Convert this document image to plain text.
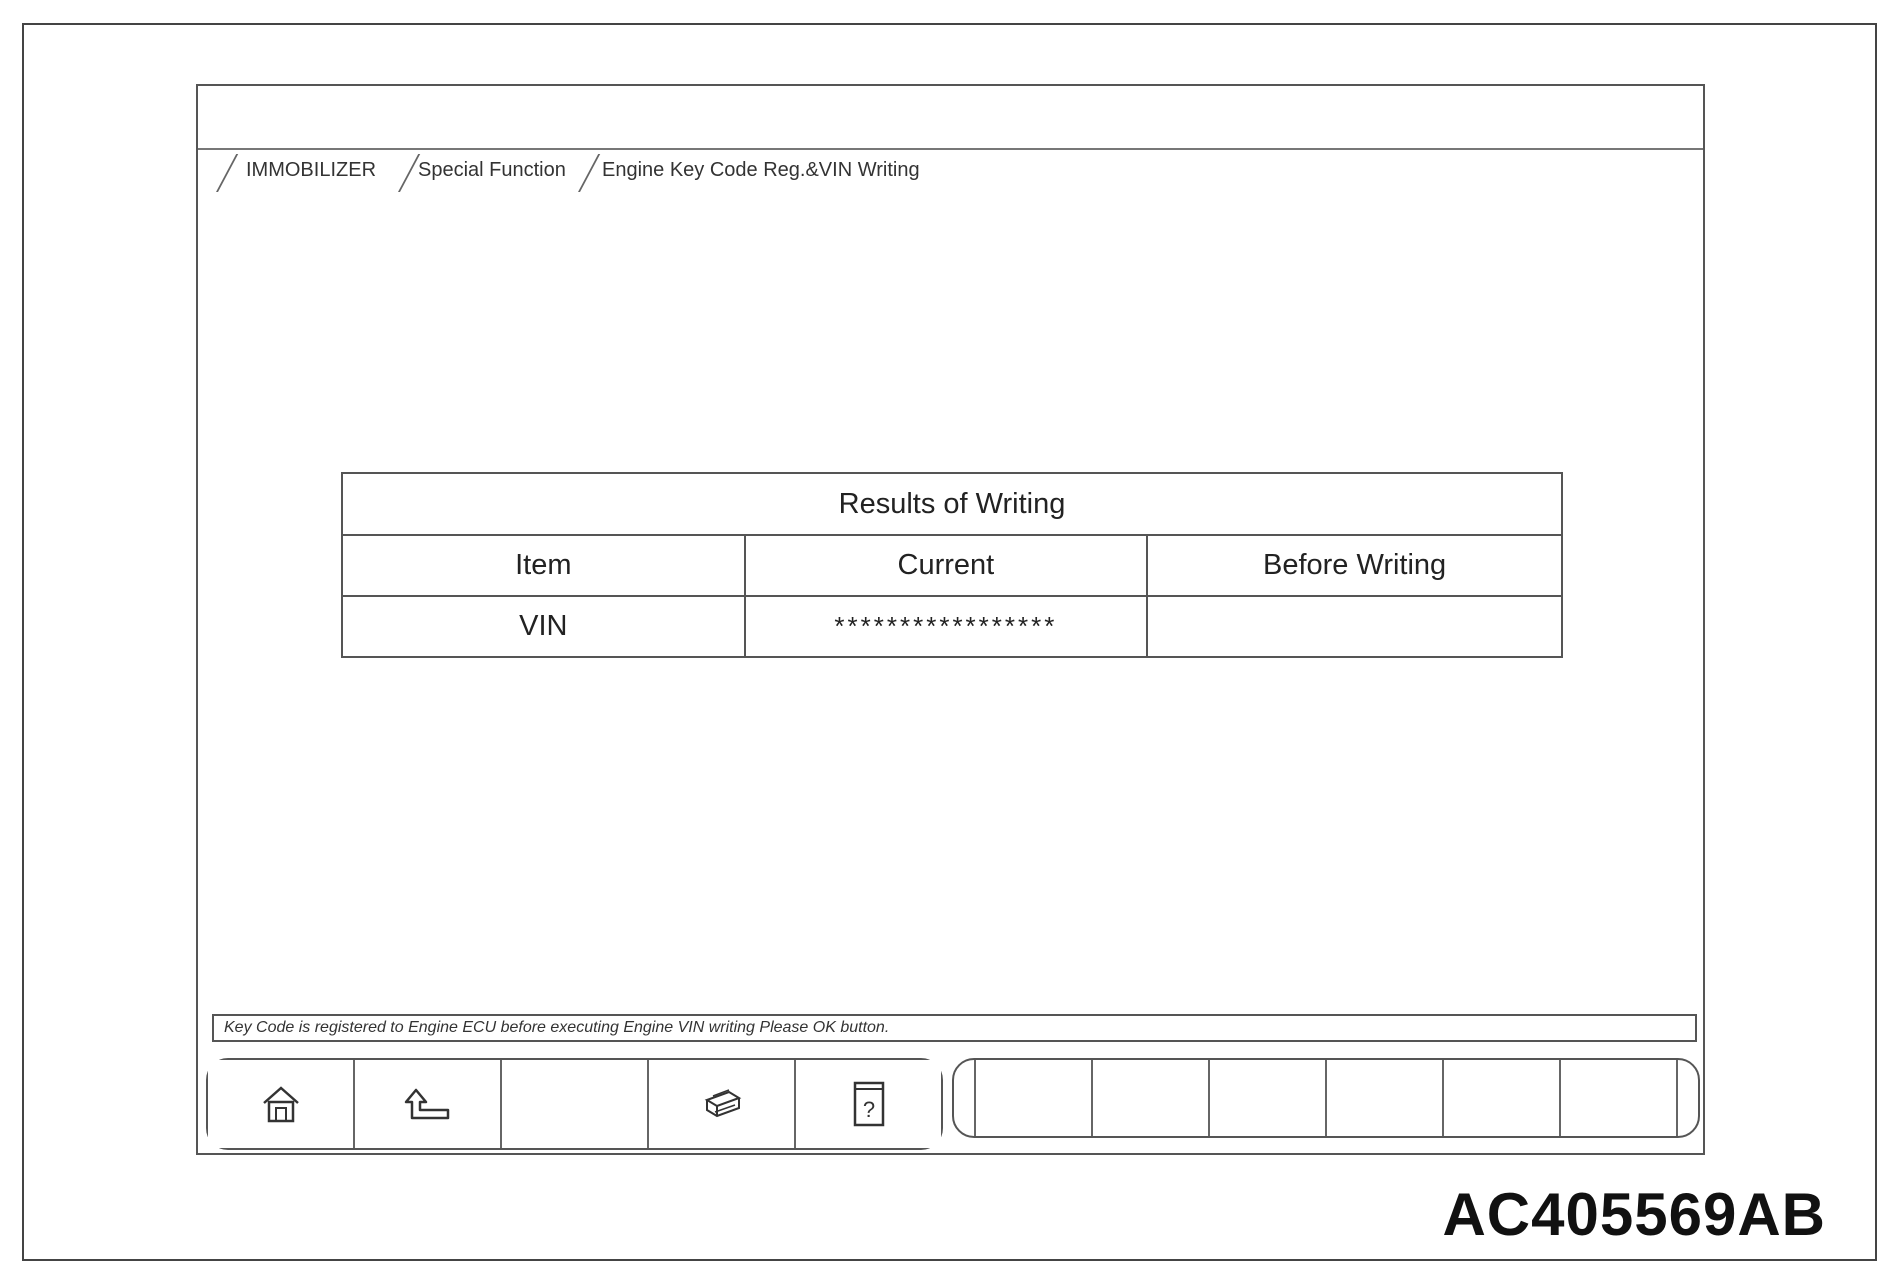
IMMOBILIZER Special Function Engine Key Code Reg.&VIN Writing
Results of Writing		
Item	Current	Before Writing
VIN	*****************	
Key Code is registered to Engine ECU before executing Engine VIN writing Please OK button.
?
AC405569AB
